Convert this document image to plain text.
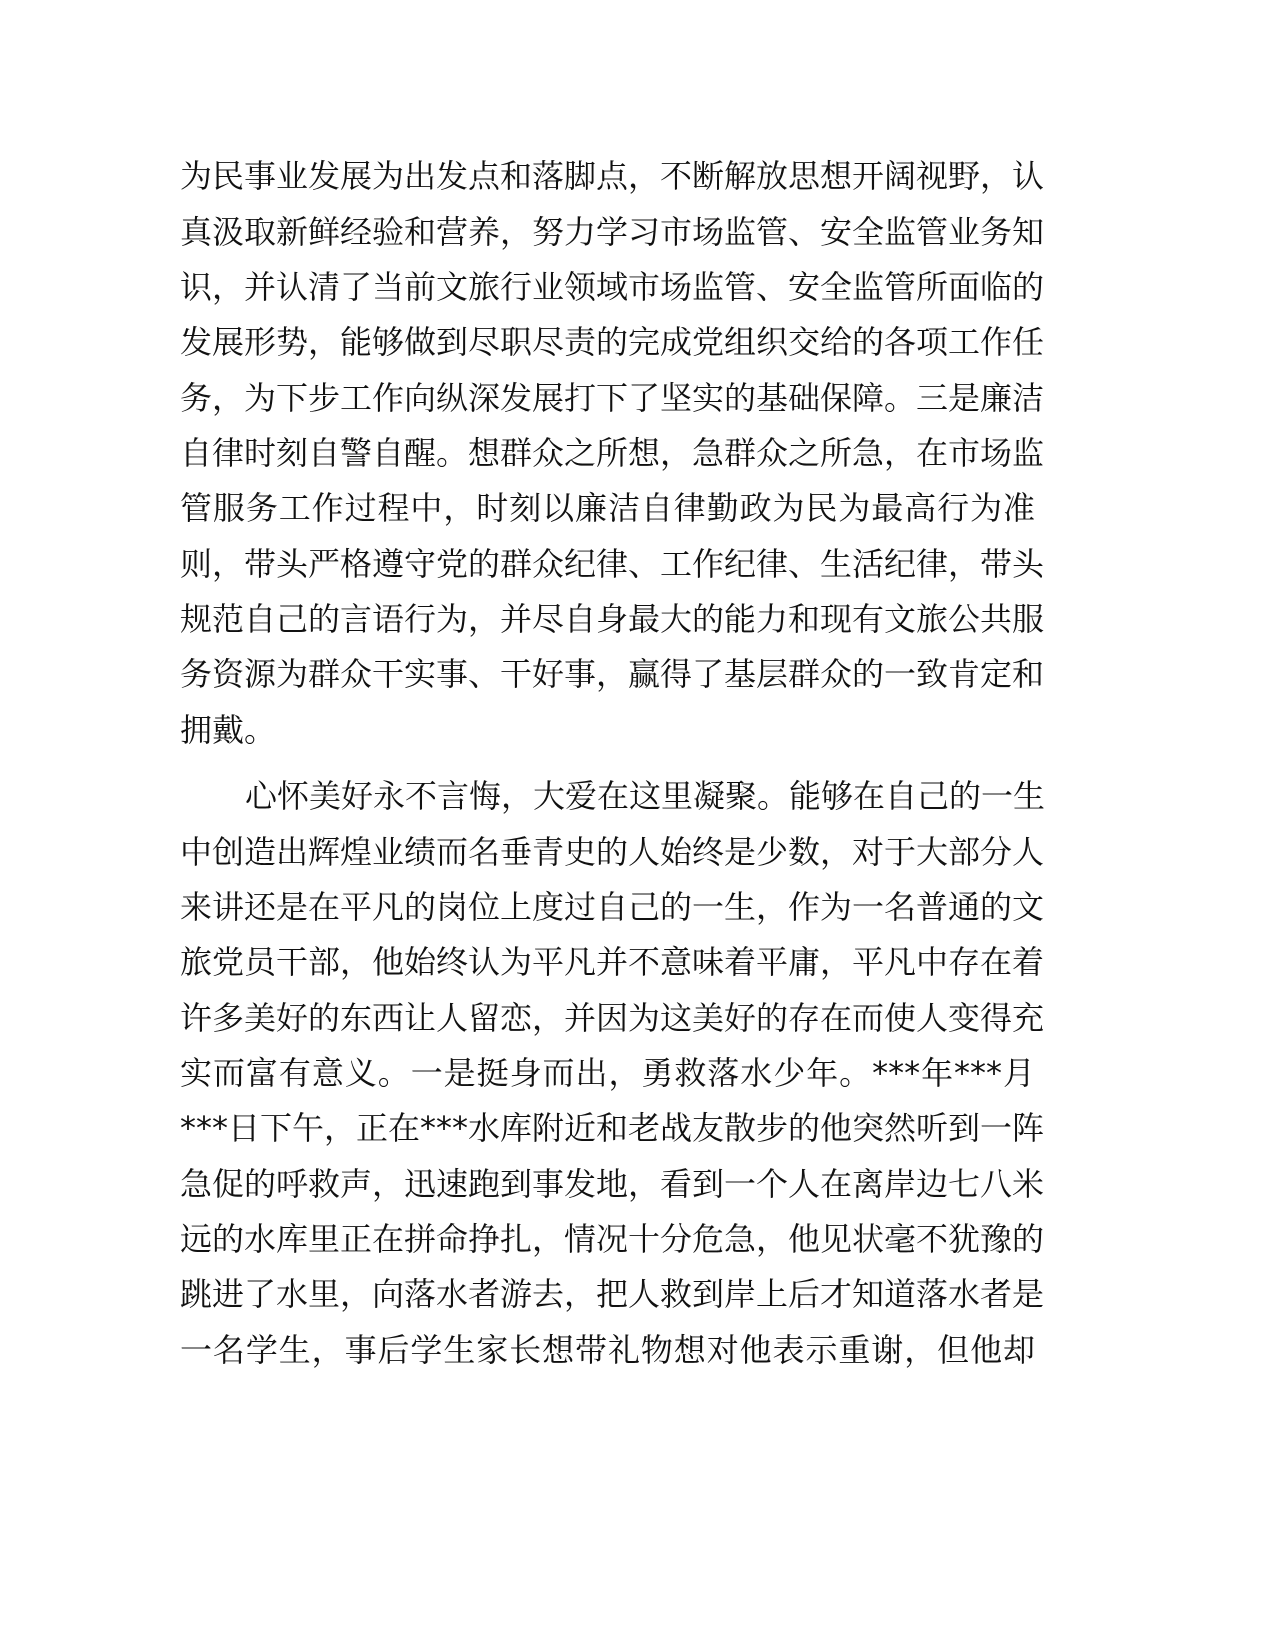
为民事业发展为出发点和落脚点，不断解放思想开阔视野，认
真汲取新鲜经验和营养，努力学习市场监管、安全监管业务知
识，并认清了当前文旅行业领域市场监管、安全监管所面临的
发展形势，能够做到尽职尽责的完成党组织交给的各项工作任
务，为下步工作向纵深发展打下了坚实的基础保障。三是廉洁
自律时刻自警自醒。想群众之所想，急群众之所急，在市场监
管服务工作过程中，时刻以廉洁自律勤政为民为最高行为准
则，带头严格遵守党的群众纪律、工作纪律、生活纪律，带头
规范自己的言语行为，并尽自身最大的能力和现有文旅公共服
务资源为群众干实事、干好事，赢得了基层群众的一致肯定和
拥戴。
心怀美好永不言悔，大爱在这里凝聚。能够在自己的一生
中创造出辉煌业绩而名垂青史的人始终是少数，对于大部分人
来讲还是在平凡的岗位上度过自己的一生，作为一名普通的文
旅党员干部，他始终认为平凡并不意味着平庸，平凡中存在着
许多美好的东西让人留恋，并因为这美好的存在而使人变得充
实而富有意义。一是挺身而出，勇救落水少年。***年***月
***日下午，正在***水库附近和老战友散步的他突然听到一阵
急促的呼救声，迅速跑到事发地，看到一个人在离岸边七八米
远的水库里正在拼命挣扎，情况十分危急，他见状毫不犹豫的
跳进了水里，向落水者游去，把人救到岸上后才知道落水者是
一名学生，事后学生家长想带礼物想对他表示重谢，但他却
